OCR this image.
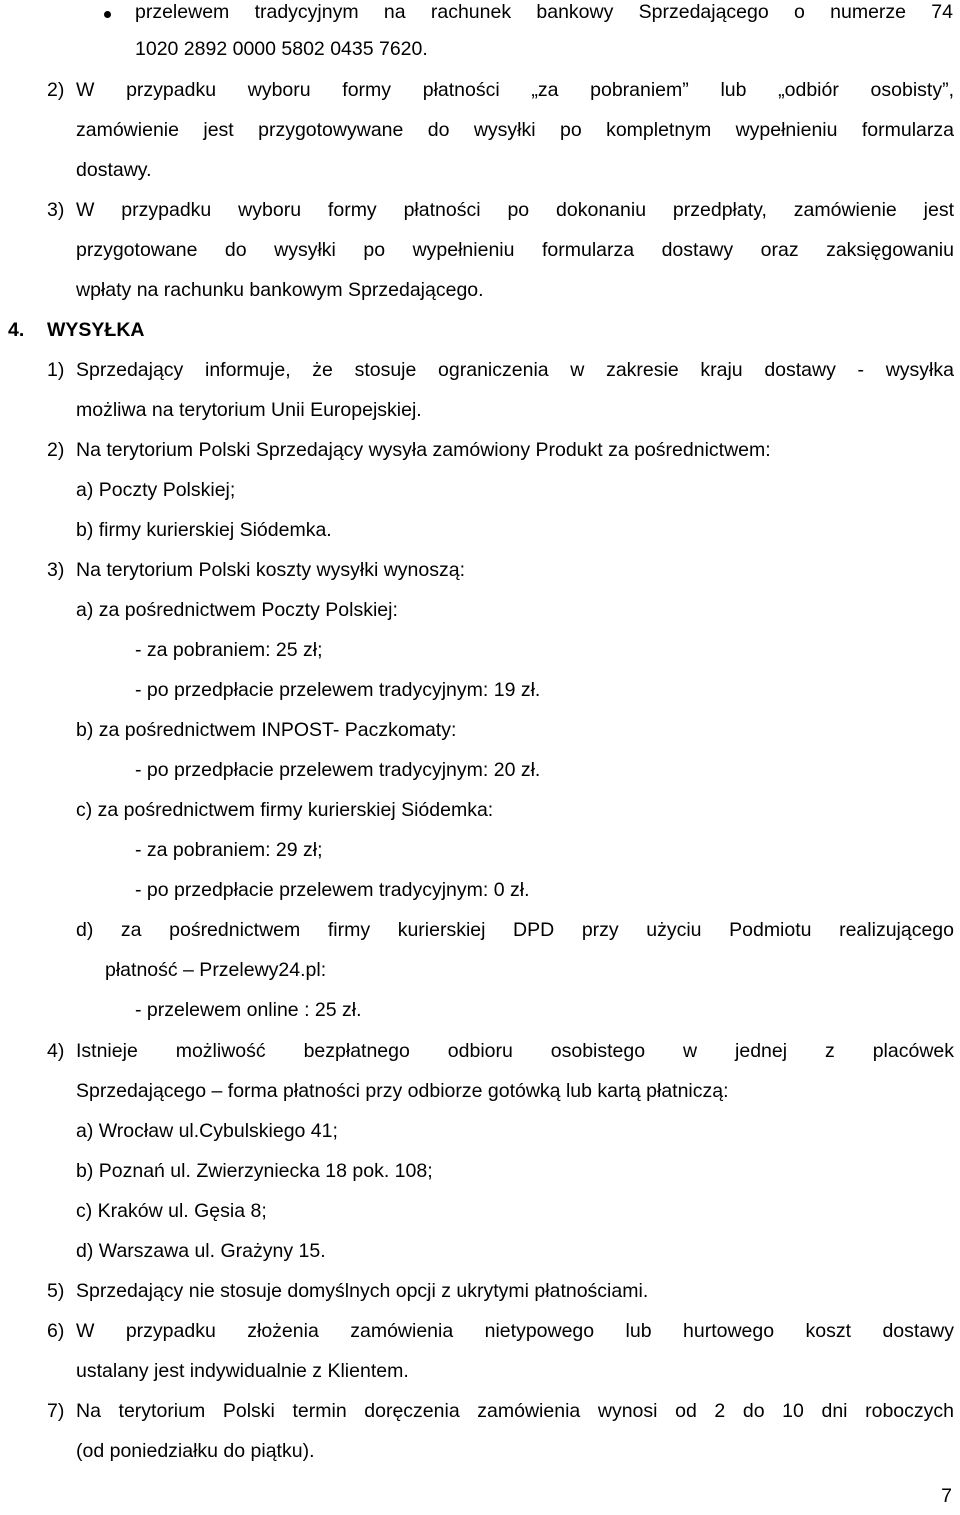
przelewem tradycyjnym na rachunek bankowy Sprzedającego o numerze 74
1020 2892 0000 5802 0435 7620.
2) W przypadku wyboru formy płatności „za pobraniem” lub „odbiór osobisty”,
zamówienie jest przygotowywane do wysyłki po kompletnym wypełnieniu formularza
dostawy.
3) W przypadku wyboru formy płatności po dokonaniu przedpłaty, zamówienie jest
przygotowane do wysyłki po wypełnieniu formularza dostawy oraz zaksięgowaniu
wpłaty na rachunku bankowym Sprzedającego.
4. WYSYŁKA
1) Sprzedający informuje, że stosuje ograniczenia w zakresie kraju dostawy - wysyłka
możliwa na terytorium Unii Europejskiej.
2) Na terytorium Polski Sprzedający wysyła zamówiony Produkt za pośrednictwem:
a) Poczty Polskiej;
b) firmy kurierskiej Siódemka.
3) Na terytorium Polski koszty wysyłki wynoszą:
a) za pośrednictwem Poczty Polskiej:
- za pobraniem: 25 zł;
- po przedpłacie przelewem tradycyjnym: 19 zł.
b) za pośrednictwem INPOST- Paczkomaty:
- po przedpłacie przelewem tradycyjnym: 20 zł.
c) za pośrednictwem firmy kurierskiej Siódemka:
- za pobraniem: 29 zł;
- po przedpłacie przelewem tradycyjnym: 0 zł.
d) za pośrednictwem firmy kurierskiej DPD przy użyciu Podmiotu realizującego
płatność – Przelewy24.pl:
- przelewem online : 25 zł.
4) Istnieje możliwość bezpłatnego odbioru osobistego w jednej z placówek
Sprzedającego – forma płatności przy odbiorze gotówką lub kartą płatniczą:
a) Wrocław ul.Cybulskiego 41;
b) Poznań ul. Zwierzyniecka 18 pok. 108;
c) Kraków ul. Gęsia 8;
d) Warszawa ul. Grażyny 15.
5) Sprzedający nie stosuje domyślnych opcji z ukrytymi płatnościami.
6) W przypadku złożenia zamówienia nietypowego lub hurtowego koszt dostawy
ustalany jest indywidualnie z Klientem.
7) Na terytorium Polski termin doręczenia zamówienia wynosi od 2 do 10 dni roboczych
(od poniedziałku do piątku).
7
